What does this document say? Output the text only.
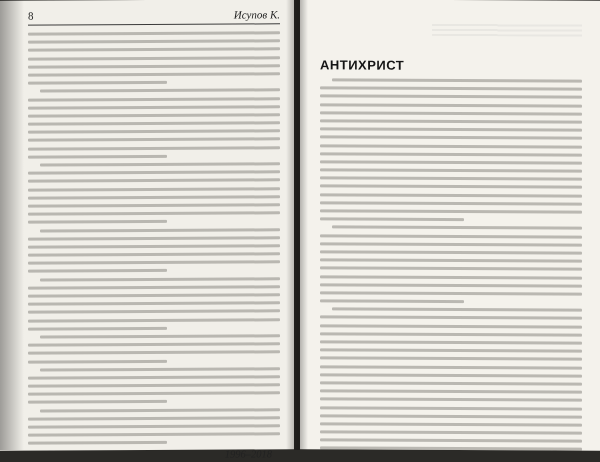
8	Исупов К.
1996–2018
АНТИХРИСТ
